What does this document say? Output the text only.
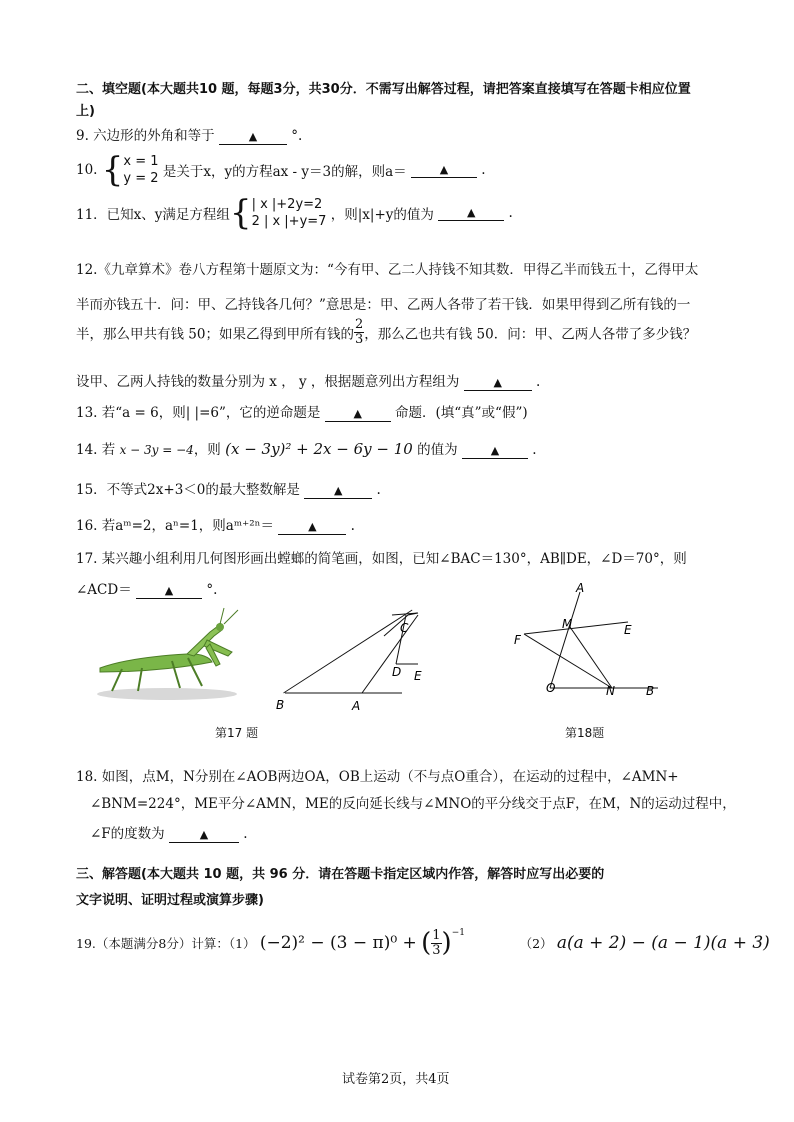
二、填空题(本大题共10 题，每题3分，共30分．不需写出解答过程，请把答案直接填写在答题卡相应位置
上)
9. 六边形的外角和等于	▲	°.
10. { x = 1
y = 2 是关于x，y的方程ax - y＝3的解，则a＝	▲ .
11．已知x、y满足方程组{ | x |+2y=2
2 | x |+y=7 ，则|x|+y的值为	▲ .
12.《九章算术》卷八方程第十题原文为：“今有甲、乙二人持钱不知其数．甲得乙半而钱五十，乙得甲太
半而亦钱五十．问：甲、乙持钱各几何？”意思是：甲、乙两人各带了若干钱．如果甲得到乙所有钱的一
半，那么甲共有钱 50；如果乙得到甲所有钱的 $\frac{2}{3}$ ，那么乙也共有钱 50．问：甲、乙两人各带了多少钱？
设甲、乙两人持钱的数量分别为 x ， y ，根据题意列出方程组为	▲	.
13. 若“a = 6，则| |=6”，它的逆命题是	▲ 命题．(填“真”或“假”)
14. 若 x − 3y = −4，则 (x − 3y)² + 2x − 6y − 10 的值为	▲ .
15．不等式2x+3＜0的最大整数解是	▲	.
16. 若aᵐ=2，aⁿ=1，则aᵐ⁺²ⁿ＝	▲	.
17. 某兴趣小组利用几何图形画出螳螂的简笔画，如图，已知∠BAC＝130°，AB∥DE，∠D＝70°，则
∠ACD＝	▲ °.
C
D E
B	A
第17 题
A
M	E
F
O	N	B
第18题
18. 如图，点M，N分别在∠AOB两边OA，OB上运动（不与点O重合），在运动的过程中，∠AMN+
∠BNM=224°，ME平分∠AMN，ME的反向延长线与∠MNO的平分线交于点F，在M，N的运动过程中，
∠F的度数为	▲	.
三、解答题(本大题共 10 题，共 96 分．请在答题卡指定区域内作答，解答时应写出必要的
文字说明、证明过程或演算步骤)
19.（本题满分8分）计算：（1） (−2)² − (3 − π)⁰ + ( $\frac{1}{3} )^{-1}$  （2） a(a + 2) − (a − 1)(a + 3)
试卷第2页，共4页
